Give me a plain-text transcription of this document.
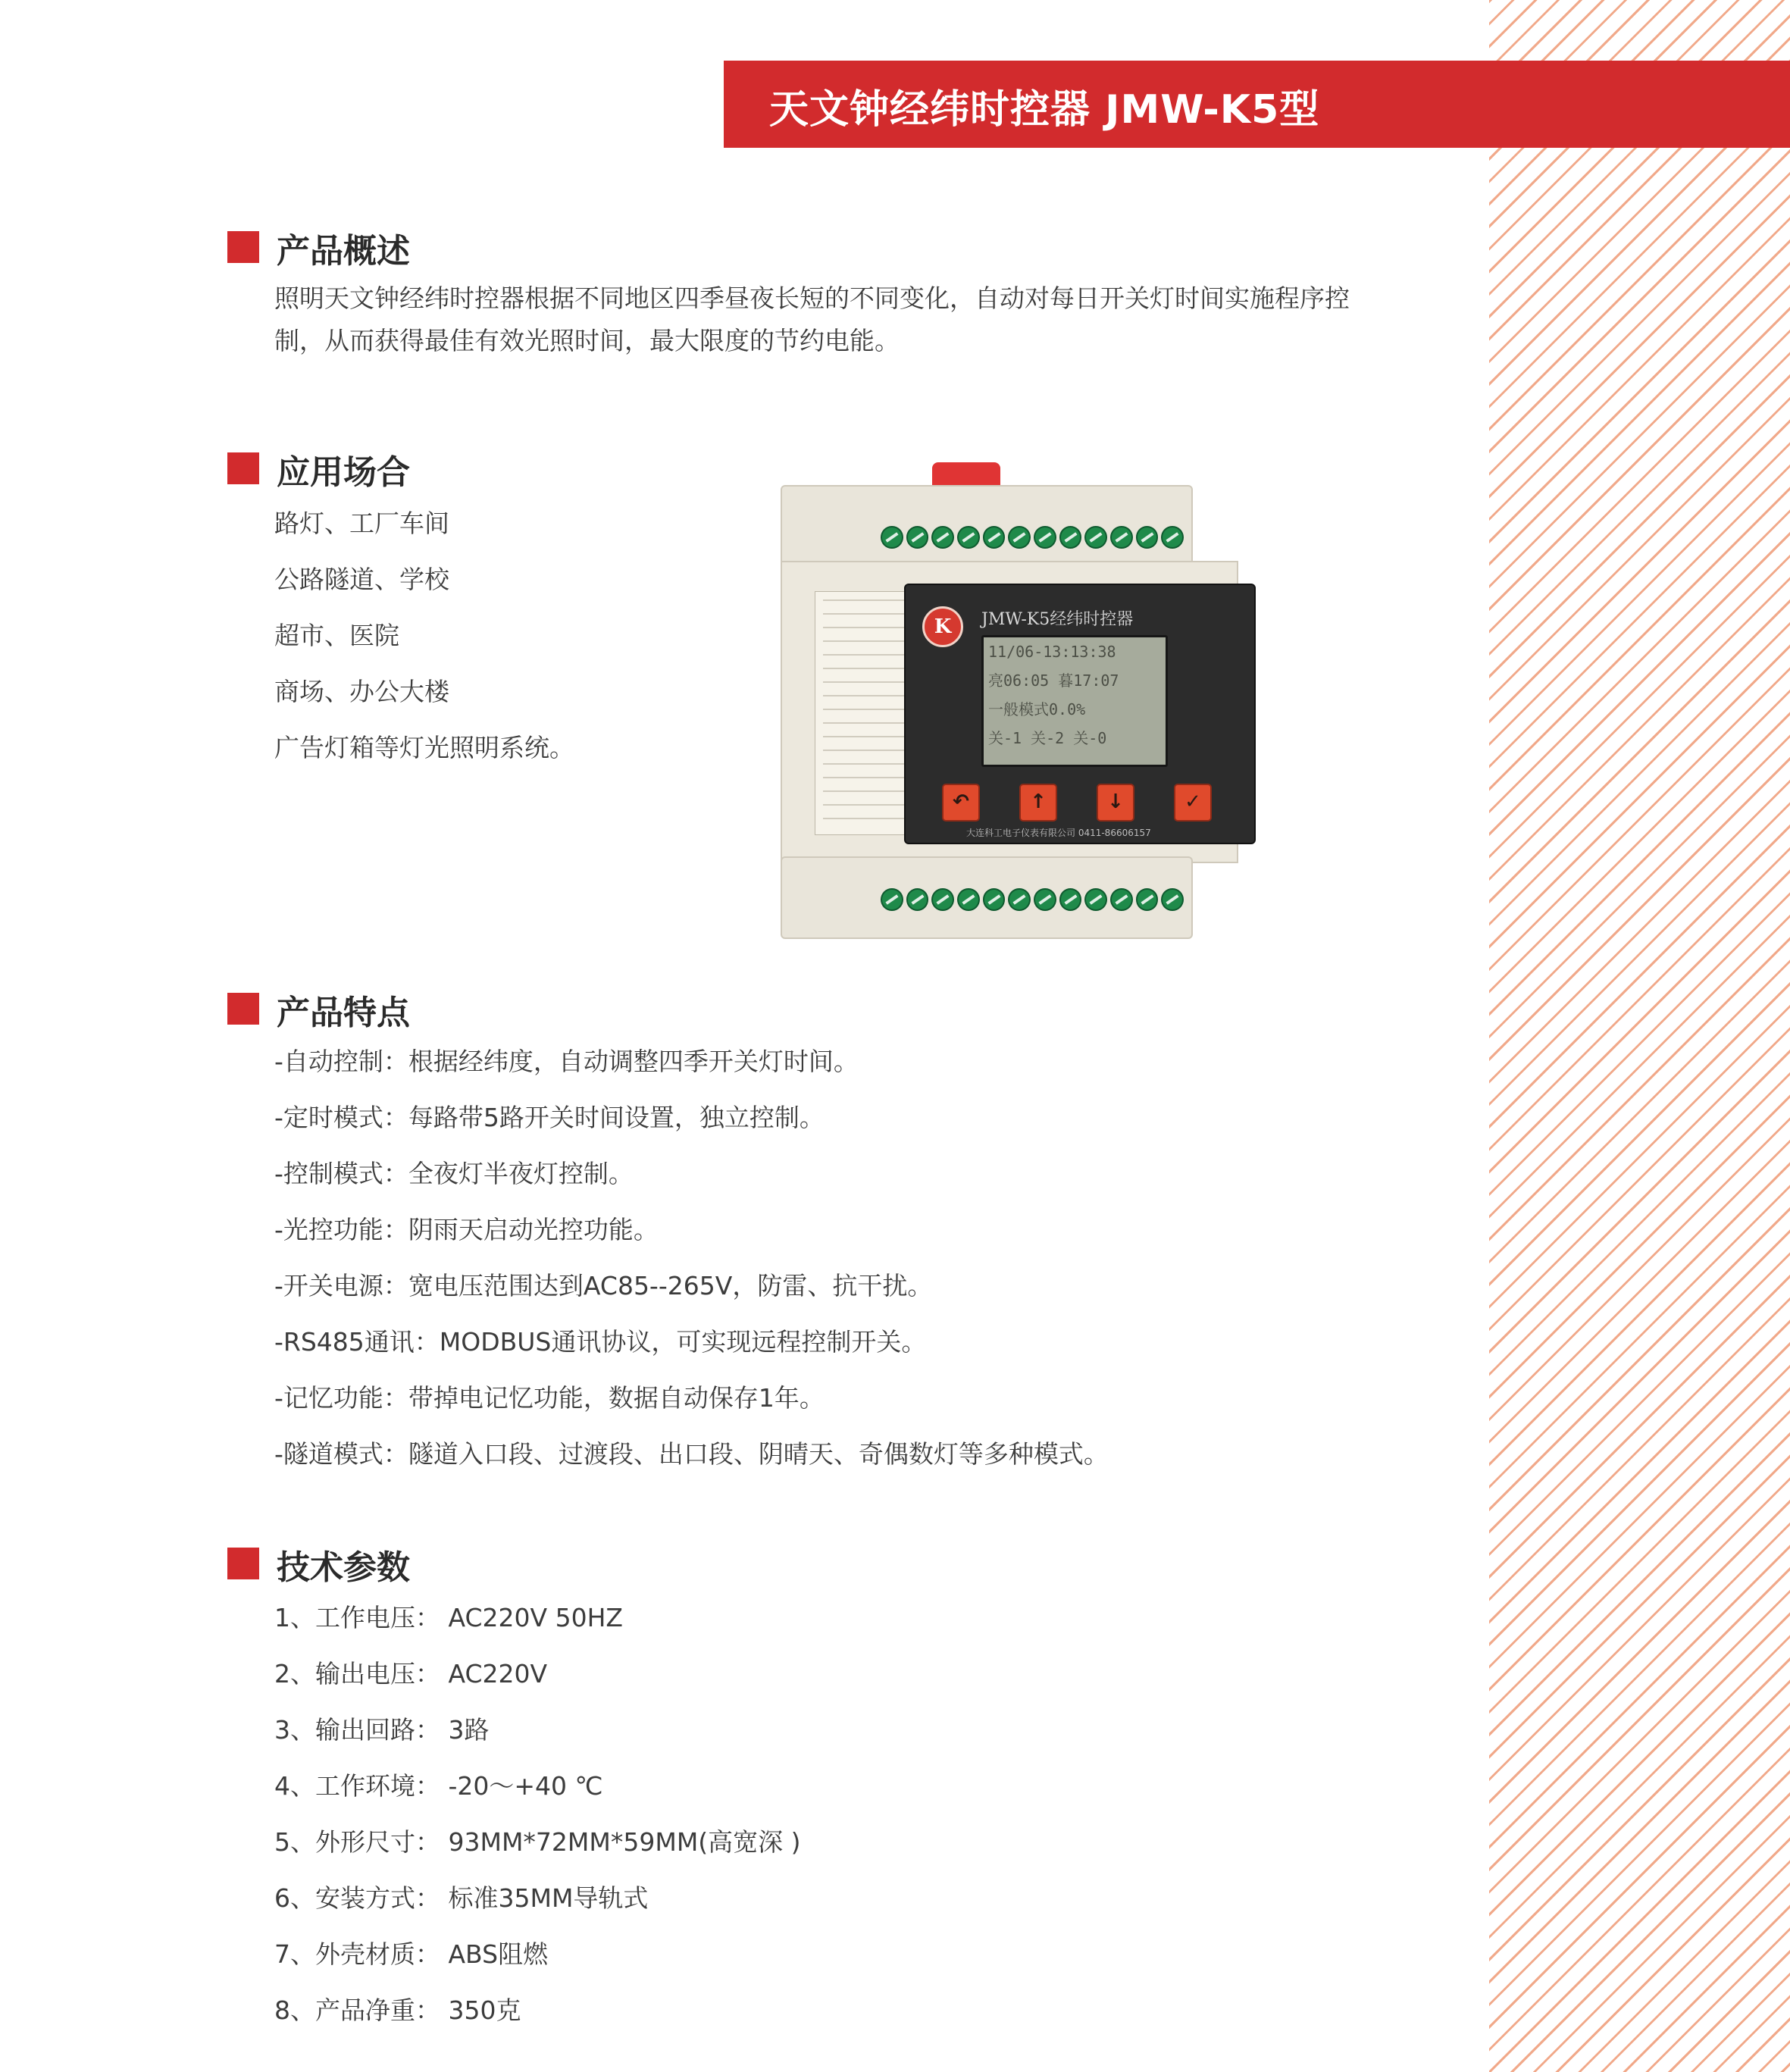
天文钟经纬时控器 JMW-K5型
产品概述
照明天文钟经纬时控器根据不同地区四季昼夜长短的不同变化，自动对每日开关灯时间实施程序控制，从而获得最佳有效光照时间，最大限度的节约电能。
应用场合
路灯、工厂车间
公路隧道、学校
超市、医院
商场、办公大楼
广告灯箱等灯光照明系统。
K	JMW-K5经纬时控器
11/06-13:13:38
亮06:05 暮17:07
一般模式0.0%
关-1 关-2 关-0
↶	↑	↓	✓
大连科工电子仪表有限公司 0411-86606157
产品特点
-自动控制：根据经纬度，自动调整四季开关灯时间。
-定时模式：每路带5路开关时间设置，独立控制。
-控制模式：全夜灯半夜灯控制。
-光控功能：阴雨天启动光控功能。
-开关电源：宽电压范围达到AC85--265V，防雷、抗干扰。
-RS485通讯：MODBUS通讯协议，可实现远程控制开关。
-记忆功能：带掉电记忆功能，数据自动保存1年。
-隧道模式：隧道入口段、过渡段、出口段、阴晴天、奇偶数灯等多种模式。
技术参数
1、工作电压： AC220V 50HZ
2、输出电压： AC220V
3、输出回路： 3路
4、工作环境： -20～+40 ℃
5、外形尺寸： 93MM*72MM*59MM(高宽深 )
6、安装方式： 标准35MM导轨式
7、外壳材质： ABS阻燃
8、产品净重： 350克
